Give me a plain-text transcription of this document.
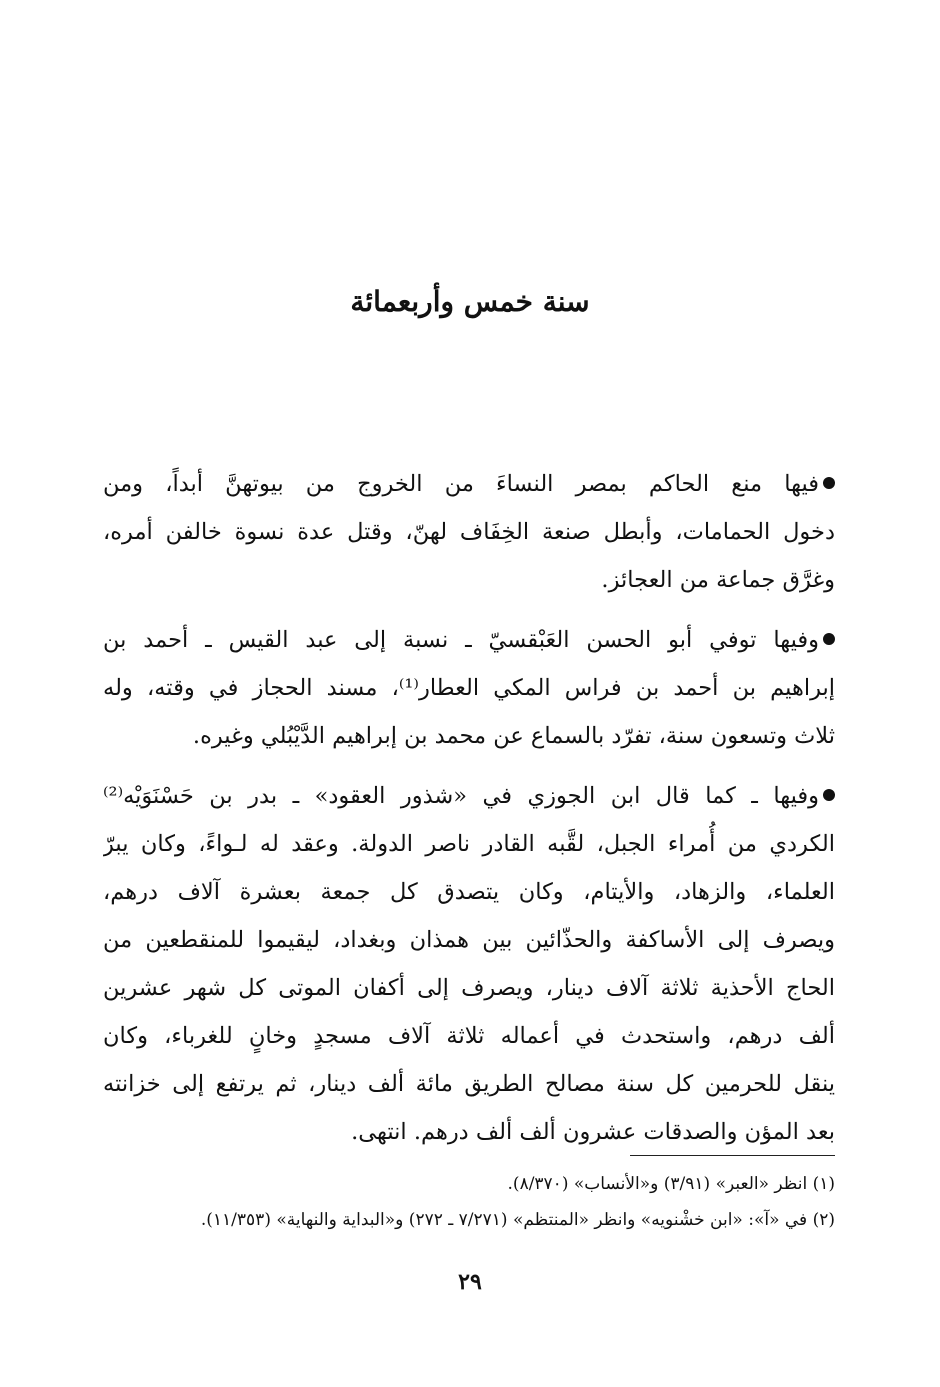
سنة خمس وأربعمائة

فيها منع الحاكم بمصر النساءَ من الخروج من بيوتهنَّ أبداً، ومن
دخول الحمامات، وأبطل صنعة الخِفَاف لهنّ، وقتل عدة نسوة خالفن أمره،
وغرَّق جماعة من العجائز.

وفيها توفي أبو الحسن العَبْقسيّ ـ نسبة إلى عبد القيس ـ أحمد بن
إبراهيم بن أحمد بن فراس المكي العطار⁽¹⁾، مسند الحجاز في وقته، وله
ثلاث وتسعون سنة، تفرّد بالسماع عن محمد بن إبراهيم الدَّيْبُلي وغيره.

وفيها ـ كما قال ابن الجوزي في «شذور العقود» ـ بدر بن حَسْنَوَيْه⁽²⁾
الكردي من أُمراء الجبل، لقَّبه القادر ناصر الدولة. وعقد له لـواءً، وكان يبرّ
العلماء، والزهاد، والأيتام، وكان يتصدق كل جمعة بعشرة آلاف درهم،
ويصرف إلى الأساكفة والحذّائين بين همذان وبغداد، ليقيموا للمنقطعين من
الحاج الأحذية ثلاثة آلاف دينار، ويصرف إلى أكفان الموتى كل شهر عشرين
ألف درهم، واستحدث في أعماله ثلاثة آلاف مسجدٍ وخانٍ للغرباء، وكان
ينقل للحرمين كل سنة مصالح الطريق مائة ألف دينار، ثم يرتفع إلى خزانته
بعد المؤن والصدقات عشرون ألف ألف درهم. انتهى.

(١) انظر «العبر» (٣/٩١) و«الأنساب» (٨/٣٧٠).
(٢) في «آ»: «ابن خشْنويه» وانظر «المنتظم» (٧/٢٧١ ـ ٢٧٢) و«البداية والنهاية» (١١/٣٥٣).
٢٩
